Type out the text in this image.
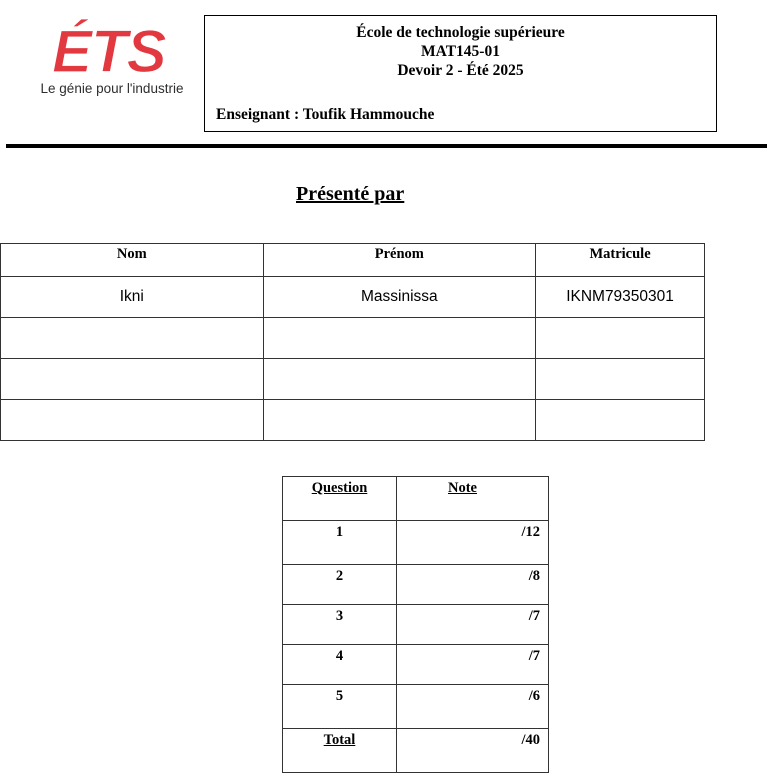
ÉTS
Le génie pour l'industrie
École de technologie supérieure
MAT145-01
Devoir 2 - Été 2025
Enseignant : Toufik Hammouche
Présenté par
Nom	Prénom	Matricule
Ikni	Massinissa	IKNM79350301

Question	Note
1	/12
2	/8
3	/7
4	/7
5	/6
Total	/40
